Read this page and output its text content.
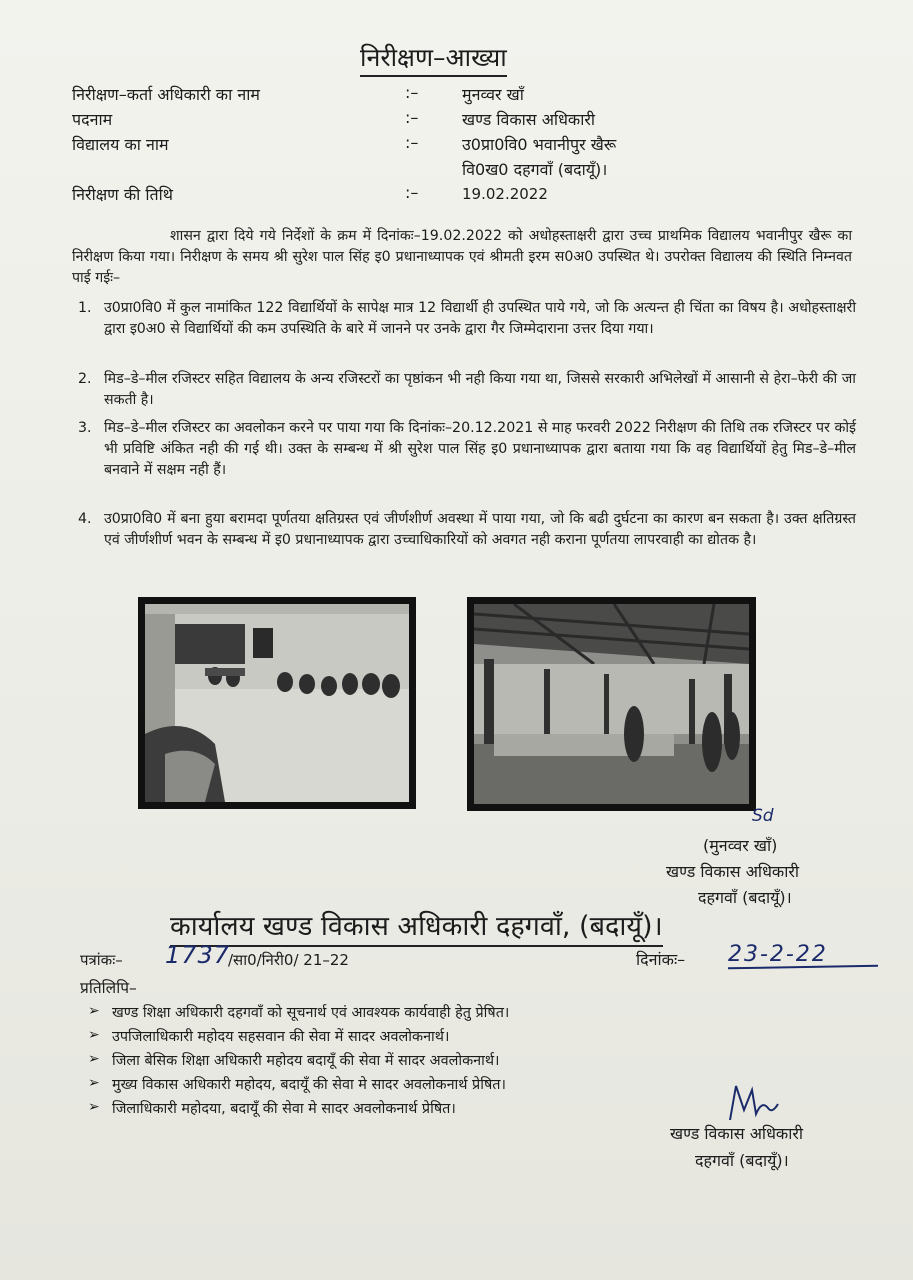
निरीक्षण–आख्या
निरीक्षण–कर्ता अधिकारी का नाम	:–	मुनव्वर खाँ
पदनाम	:–	खण्ड विकास अधिकारी
विद्यालय का नाम	:–	उ0प्रा0वि0 भवानीपुर खैरू
वि0ख0 दहगवाँ (बदायूँ)।
निरीक्षण की तिथि	:–	19.02.2022
शासन द्वारा दिये गये निर्देशों के क्रम में दिनांकः–19.02.2022 को अधोहस्ताक्षरी द्वारा उच्च प्राथमिक विद्यालय भवानीपुर खैरू का निरीक्षण किया गया। निरीक्षण के समय श्री सुरेश पाल सिंह इ0 प्रधानाध्यापक एवं श्रीमती इरम स0अ0 उपस्थित थे। उपरोक्त विद्यालय की स्थिति निम्नवत पाई गईः–
1. उ0प्रा0वि0 में कुल नामांकित 122 विद्यार्थियों के सापेक्ष मात्र 12 विद्यार्थी ही उपस्थित पाये गये, जो कि अत्यन्त ही चिंता का विषय है। अधोहस्ताक्षरी द्वारा इ0अ0 से विद्यार्थियों की कम उपस्थिति के बारे में जानने पर उनके द्वारा गैर जिम्मेदाराना उत्तर दिया गया।
2. मिड–डे–मील रजिस्टर सहित विद्यालय के अन्य रजिस्टरों का पृष्ठांकन भी नही किया गया था, जिससे सरकारी अभिलेखों में आसानी से हेरा–फेरी की जा सकती है।
3. मिड–डे–मील रजिस्टर का अवलोकन करने पर पाया गया कि दिनांकः–20.12.2021 से माह फरवरी 2022 निरीक्षण की तिथि तक रजिस्टर पर कोई भी प्रविष्टि अंकित नही की गई थी। उक्त के सम्बन्ध में श्री सुरेश पाल सिंह इ0 प्रधानाध्यापक द्वारा बताया गया कि वह विद्यार्थियों हेतु मिड–डे–मील बनवाने में सक्षम नही हैं।
4. उ0प्रा0वि0 में बना हुया बरामदा पूर्णतया क्षतिग्रस्त एवं जीर्णशीर्ण अवस्था में पाया गया, जो कि बढी दुर्घटना का कारण बन सकता है। उक्त क्षतिग्रस्त एवं जीर्णशीर्ण भवन के सम्बन्ध में इ0 प्रधानाध्यापक द्वारा उच्चाधिकारियों को अवगत नही कराना पूर्णतया लापरवाही का द्योतक है।
Sd
(मुनव्वर खाँ)
खण्ड विकास अधिकारी
दहगवाँ (बदायूँ)।
कार्यालय खण्ड विकास अधिकारी दहगवाँ, (बदायूँ)।
पत्रांकः– 1737
/सा0/निरी0/ 21–22	दिनांकः– 23-2-22
प्रतिलिपि–
➢ खण्ड शिक्षा अधिकारी दहगवाँ को सूचनार्थ एवं आवश्यक कार्यवाही हेतु प्रेषित।
➢ उपजिलाधिकारी महोदय सहसवान की सेवा में सादर अवलोकनार्थ।
➢ जिला बेसिक शिक्षा अधिकारी महोदय बदायूँ की सेवा में सादर अवलोकनार्थ।
➢ मुख्य विकास अधिकारी महोदय, बदायूँ की सेवा मे सादर अवलोकनार्थ प्रेषित।
➢ जिलाधिकारी महोदया, बदायूँ की सेवा मे सादर अवलोकनार्थ प्रेषित।
खण्ड विकास अधिकारी
दहगवाँ (बदायूँ)।
